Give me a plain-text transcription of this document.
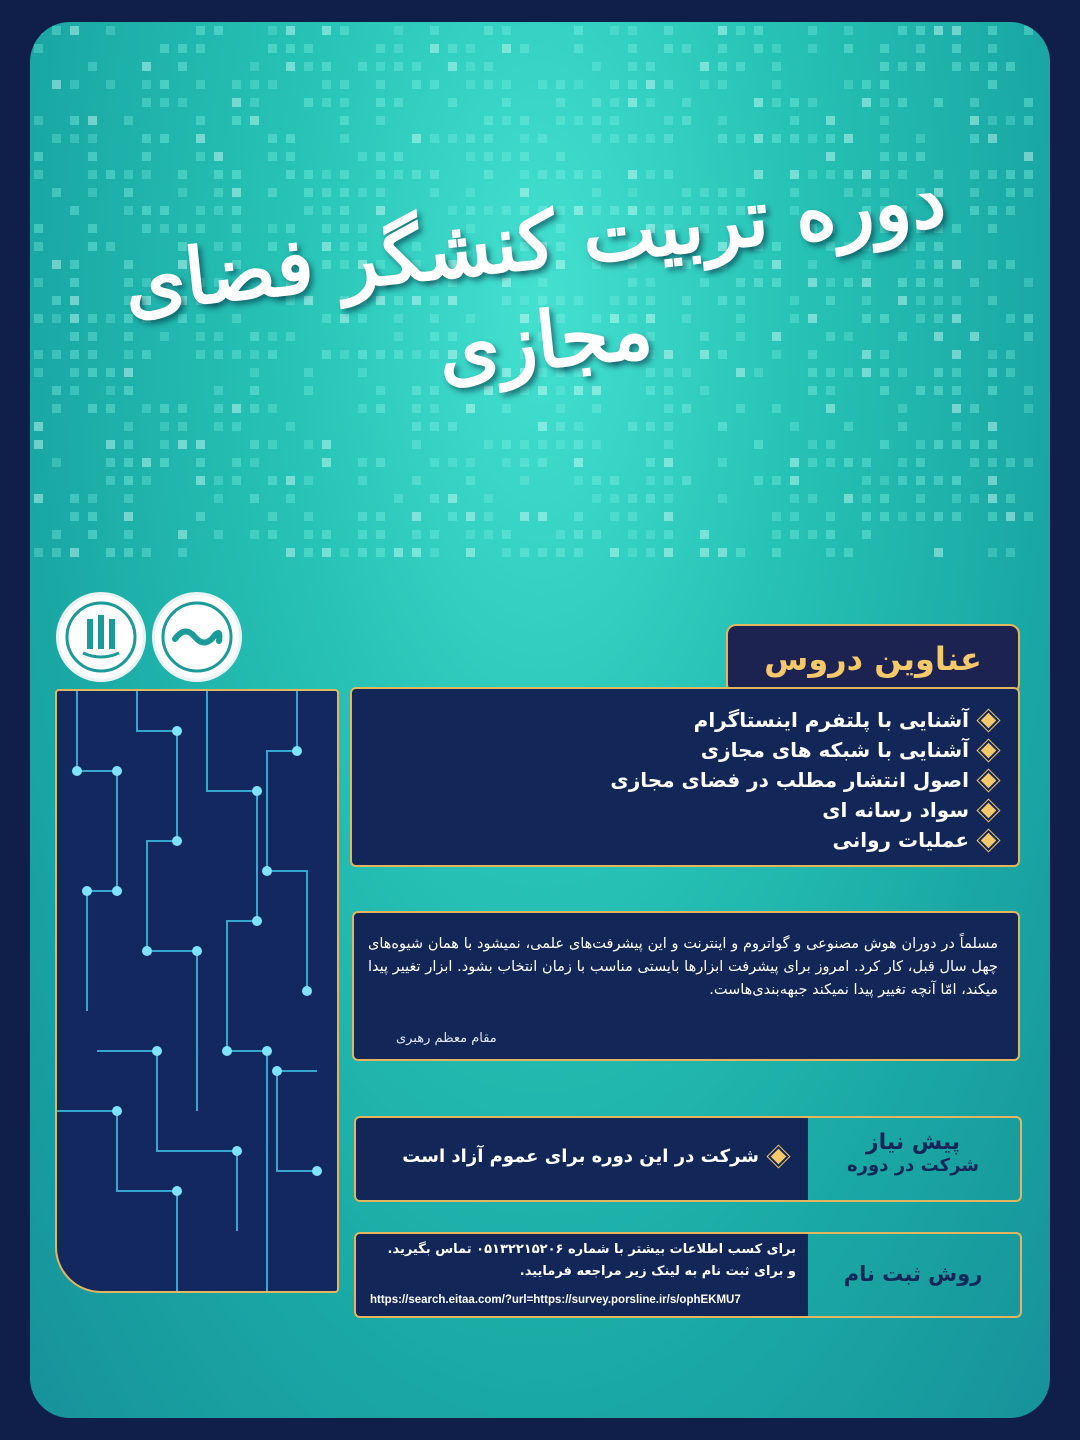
دوره تربیت کنشگر فضای مجازی
عناوین دروس
آشنایی با پلتفرم اینستاگرام
آشنایی با شبکه های مجازی
اصول انتشار مطلب در فضای مجازی
سواد رسانه ای
عملیات روانی
مسلماً در دوران هوش مصنوعی و گواتروم و اینترنت و این پیشرفت‌های علمی، نمیشود با همان شیوه‌های چهل سال قبل، کار کرد. امروز برای پیشرفت ابزارها بایستی مناسب با زمان انتخاب بشود. ابزار تغییر پیدا میکند، امّا آنچه تغییر پیدا نمیکند جبهه‌بندی‌هاست.
مقام معظم رهبری
شرکت در این دوره برای عموم آزاد است
پیش نیاز
شرکت در دوره
برای کسب اطلاعات بیشتر با شماره ۰۵۱۳۲۲۱۵۲۰۶ تماس بگیرید.
و برای ثبت نام به لینک زیر مراجعه فرمایید.
https://search.eitaa.com/?url=https://survey.porsline.ir/s/ophEKMU7
روش ثبت نام
